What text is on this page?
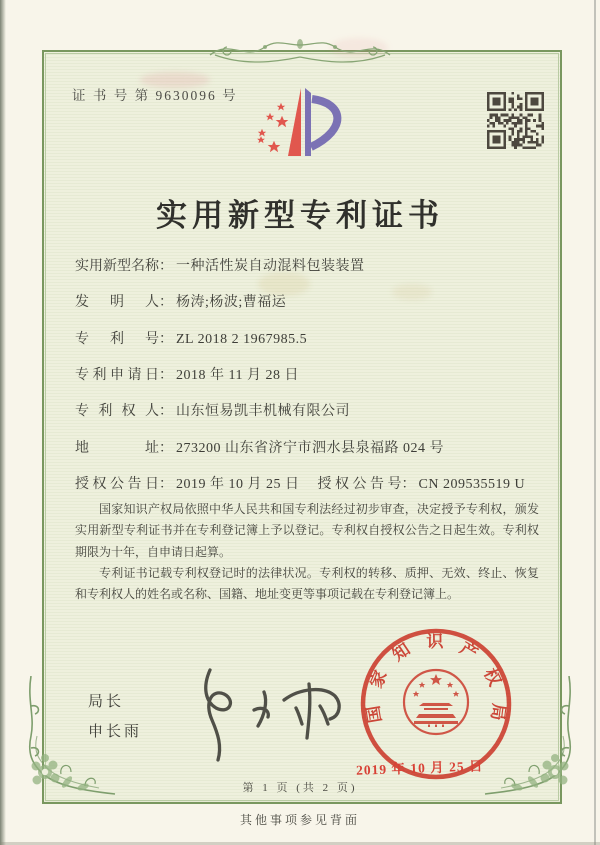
证 书 号 第 9630096 号
实用新型专利证书
实用新型名称 ： 一种活性炭自动混料包装装置
发明人 ： 杨涛;杨波;曹福运
专利号 ： ZL 2018 2 1967985.5
专利申请日 ： 2018 年 11 月 28 日
专利权人 ： 山东恒易凯丰机械有限公司
地址 ： 273200 山东省济宁市泗水县泉福路 024 号
授权公告日 ： 2019 年 10 月 25 日 授权公告号 ： CN 209535519 U

国家知识产权局依照中华人民共和国专利法经过初步审查，决定授予专利权，颁发实用新型专利证书并在专利登记簿上予以登记。专利权自授权公告之日起生效。专利权期限为十年，自申请日起算。

专利证书记载专利权登记时的法律状况。专利权的转移、质押、无效、终止、恢复和专利权人的姓名或名称、国籍、地址变更等事项记载在专利登记簿上。

局长
申长雨
国家知识产权局
2019 年 10 月 25 日
第 1 页 (共 2 页)
其他事项参见背面
